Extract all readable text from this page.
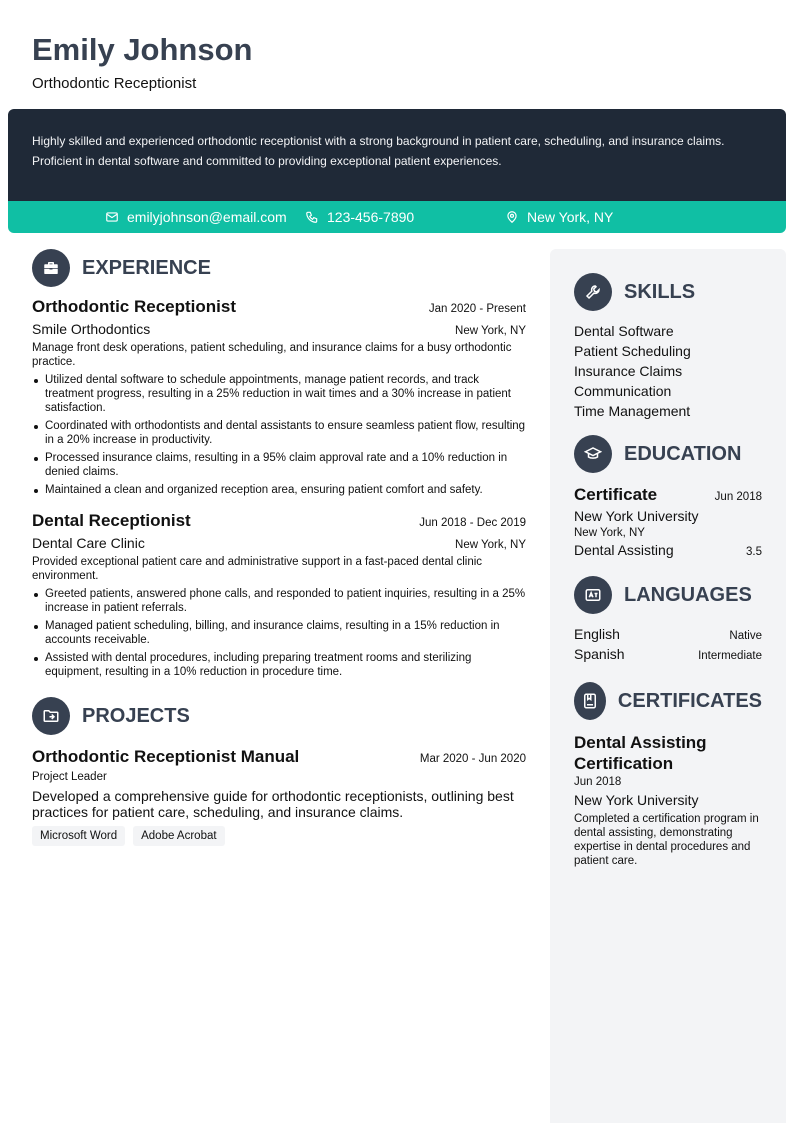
Emily Johnson
Orthodontic Receptionist

Highly skilled and experienced orthodontic receptionist with a strong background in patient care, scheduling, and insurance claims. Proficient in dental software and committed to providing exceptional patient experiences.

emilyjohnson@email.com	123-456-7890	New York, NY
EXPERIENCE
Orthodontic Receptionist	Jan 2020 - Present
Smile Orthodontics	New York, NY
Manage front desk operations, patient scheduling, and insurance claims for a busy orthodontic practice.
Utilized dental software to schedule appointments, manage patient records, and track treatment progress, resulting in a 25% reduction in wait times and a 30% increase in patient satisfaction.
Coordinated with orthodontists and dental assistants to ensure seamless patient flow, resulting in a 20% increase in productivity.
Processed insurance claims, resulting in a 95% claim approval rate and a 10% reduction in denied claims.
Maintained a clean and organized reception area, ensuring patient comfort and safety.
Dental Receptionist	Jun 2018 - Dec 2019
Dental Care Clinic	New York, NY
Provided exceptional patient care and administrative support in a fast-paced dental clinic environment.
Greeted patients, answered phone calls, and responded to patient inquiries, resulting in a 25% increase in patient referrals.
Managed patient scheduling, billing, and insurance claims, resulting in a 15% reduction in accounts receivable.
Assisted with dental procedures, including preparing treatment rooms and sterilizing equipment, resulting in a 10% reduction in procedure time.
PROJECTS
Orthodontic Receptionist Manual	Mar 2020 - Jun 2020
Project Leader
Developed a comprehensive guide for orthodontic receptionists, outlining best practices for patient care, scheduling, and insurance claims.
Microsoft Word	Adobe Acrobat
SKILLS
Dental Software
Patient Scheduling
Insurance Claims
Communication
Time Management
EDUCATION
Certificate	Jun 2018
New York University
New York, NY
Dental Assisting	3.5
LANGUAGES
English	Native
Spanish	Intermediate
CERTIFICATES
Dental Assisting Certification
Jun 2018
New York University
Completed a certification program in dental assisting, demonstrating expertise in dental procedures and patient care.
